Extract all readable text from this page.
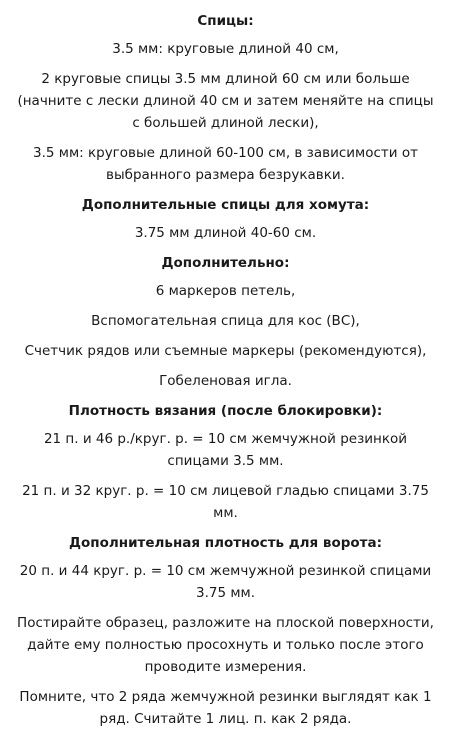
Спицы:
3.5 мм: круговые длиной 40 см,
2 круговые спицы 3.5 мм длиной 60 см или больше (начните с лески длиной 40 см и затем меняйте на спицы с большей длиной лески),
3.5 мм: круговые длиной 60-100 см, в зависимости от выбранного размера безрукавки.
Дополнительные спицы для хомута:
3.75 мм длиной 40-60 см.
Дополнительно:
6 маркеров петель,
Вспомогательная спица для кос (ВС),
Счетчик рядов или съемные маркеры (рекомендуются),
Гобеленовая игла.
Плотность вязания (после блокировки):
21 п. и 46 р./круг. р. = 10 см жемчужной резинкой спицами 3.5 мм.
21 п. и 32 круг. р. = 10 см лицевой гладью спицами 3.75 мм.
Дополнительная плотность для ворота:
20 п. и 44 круг. р. = 10 см жемчужной резинкой спицами 3.75 мм.
Постирайте образец, разложите на плоской поверхности, дайте ему полностью просохнуть и только после этого проводите измерения.
Помните, что 2 ряда жемчужной резинки выглядят как 1 ряд. Считайте 1 лиц. п. как 2 ряда.
